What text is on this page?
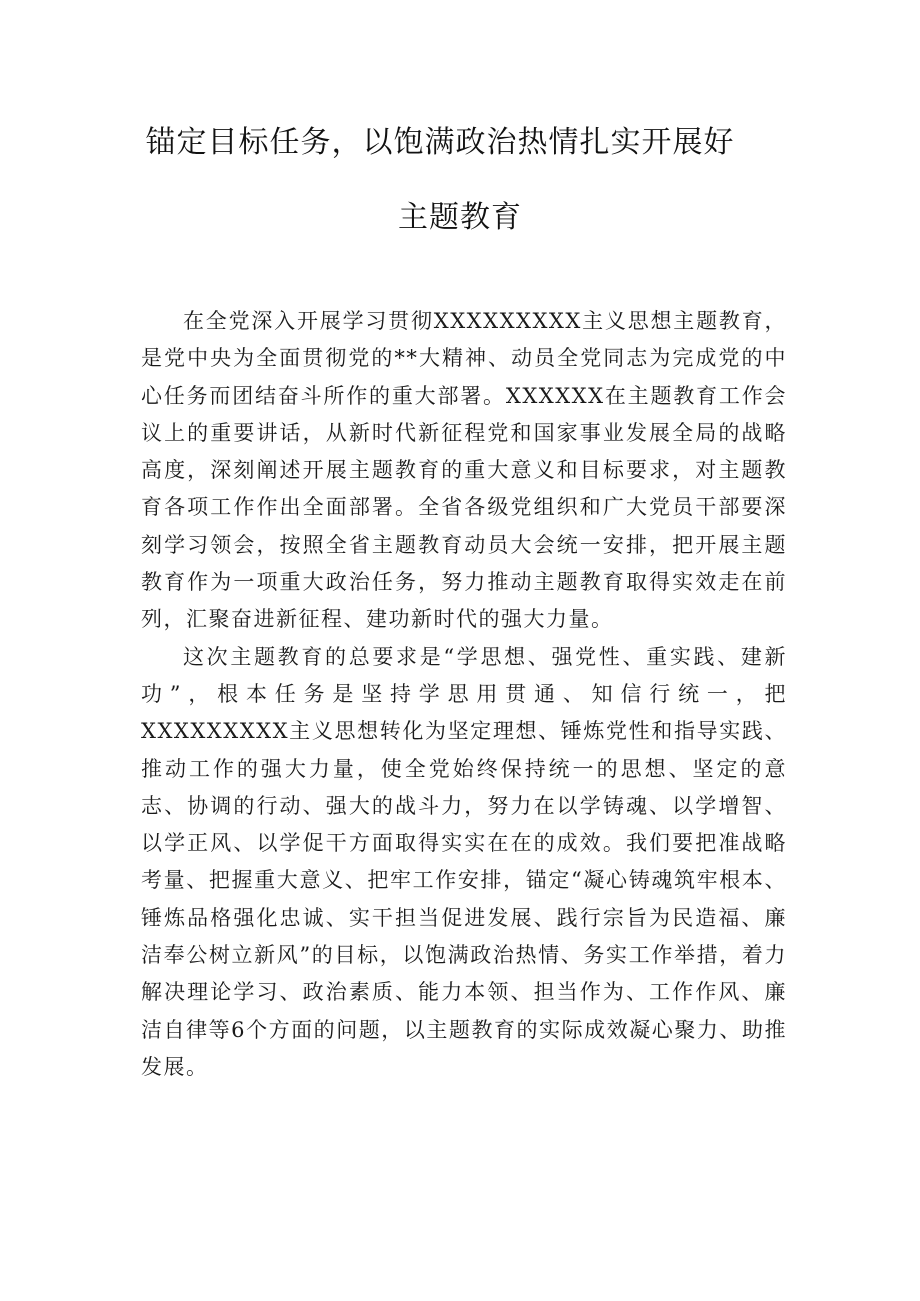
锚定目标任务，以饱满政治热情扎实开展好
主题教育

在全党深入开展学习贯彻XXXXXXXXX主义思想主题教育，是党中央为全面贯彻党的**大精神、动员全党同志为完成党的中心任务而团结奋斗所作的重大部署。XXXXXX在主题教育工作会议上的重要讲话，从新时代新征程党和国家事业发展全局的战略高度，深刻阐述开展主题教育的重大意义和目标要求，对主题教育各项工作作出全面部署。全省各级党组织和广大党员干部要深刻学习领会，按照全省主题教育动员大会统一安排，把开展主题教育作为一项重大政治任务，努力推动主题教育取得实效走在前列，汇聚奋进新征程、建功新时代的强大力量。

这次主题教育的总要求是“学思想、强党性、重实践、建新功”，根本任务是坚持学思用贯通、知信行统一，把XXXXXXXXX主义思想转化为坚定理想、锤炼党性和指导实践、推动工作的强大力量，使全党始终保持统一的思想、坚定的意志、协调的行动、强大的战斗力，努力在以学铸魂、以学增智、以学正风、以学促干方面取得实实在在的成效。我们要把准战略考量、把握重大意义、把牢工作安排，锚定“凝心铸魂筑牢根本、锤炼品格强化忠诚、实干担当促进发展、践行宗旨为民造福、廉洁奉公树立新风”的目标，以饱满政治热情、务实工作举措，着力解决理论学习、政治素质、能力本领、担当作为、工作作风、廉洁自律等6个方面的问题，以主题教育的实际成效凝心聚力、助推发展。
